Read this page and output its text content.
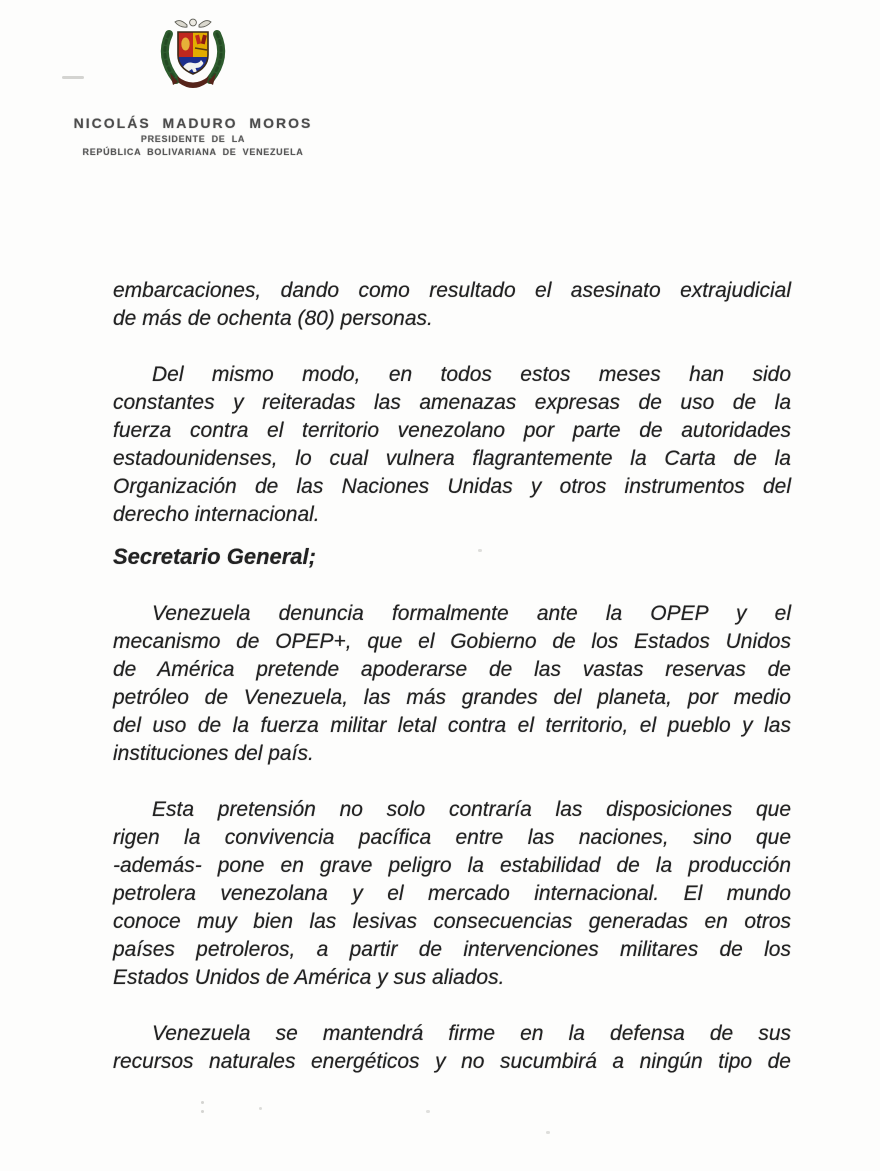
NICOLÁS MADURO MOROS
PRESIDENTE DE LA
REPÚBLICA BOLIVARIANA DE VENEZUELA
embarcaciones, dando como resultado el asesinato extrajudicial
de más de ochenta (80) personas.
Del mismo modo, en todos estos meses han sido
constantes y reiteradas las amenazas expresas de uso de la
fuerza contra el territorio venezolano por parte de autoridades
estadounidenses, lo cual vulnera flagrantemente la Carta de la
Organización de las Naciones Unidas y otros instrumentos del
derecho internacional.
Secretario General;
Venezuela denuncia formalmente ante la OPEP y el
mecanismo de OPEP+, que el Gobierno de los Estados Unidos
de América pretende apoderarse de las vastas reservas de
petróleo de Venezuela, las más grandes del planeta, por medio
del uso de la fuerza militar letal contra el territorio, el pueblo y las
instituciones del país.
Esta pretensión no solo contraría las disposiciones que
rigen la convivencia pacífica entre las naciones, sino que
-además- pone en grave peligro la estabilidad de la producción
petrolera venezolana y el mercado internacional. El mundo
conoce muy bien las lesivas consecuencias generadas en otros
países petroleros, a partir de intervenciones militares de los
Estados Unidos de América y sus aliados.
Venezuela se mantendrá firme en la defensa de sus
recursos naturales energéticos y no sucumbirá a ningún tipo de
